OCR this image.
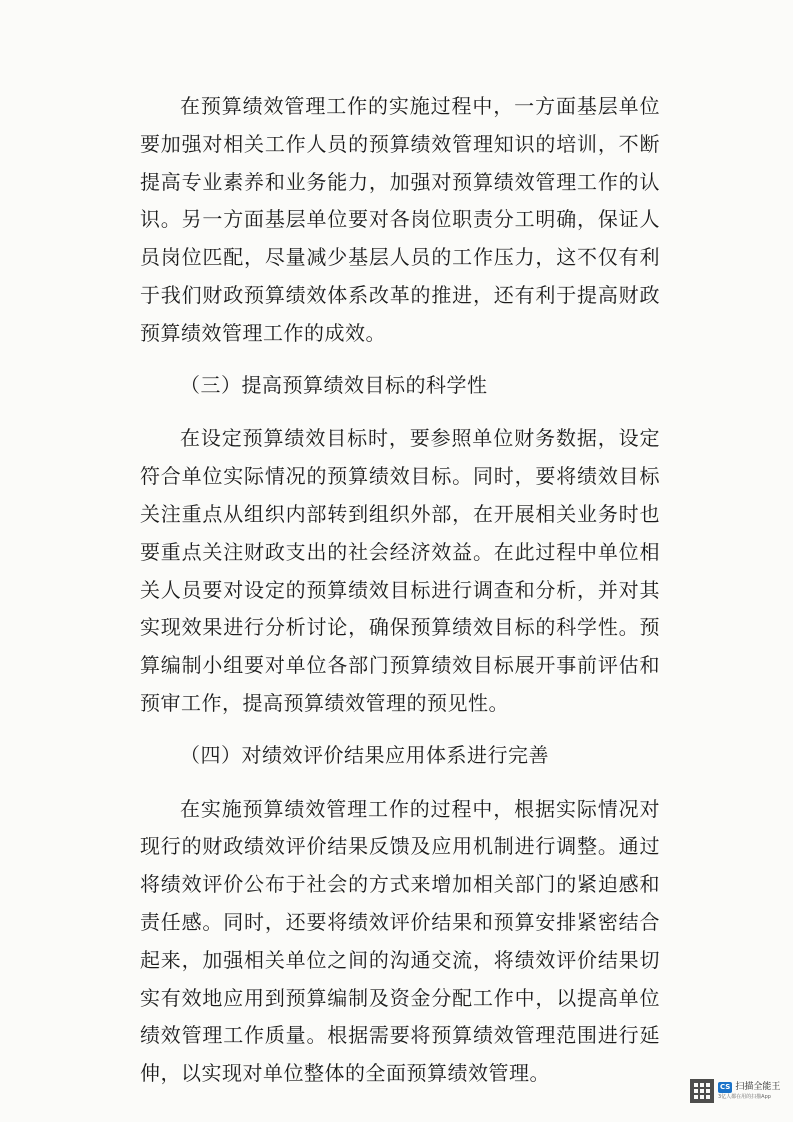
在预算绩效管理工作的实施过程中，一方面基层单位要加强对相关工作人员的预算绩效管理知识的培训，不断提高专业素养和业务能力，加强对预算绩效管理工作的认识。另一方面基层单位要对各岗位职责分工明确，保证人员岗位匹配，尽量减少基层人员的工作压力，这不仅有利于我们财政预算绩效体系改革的推进，还有利于提高财政预算绩效管理工作的成效。

（三）提高预算绩效目标的科学性

在设定预算绩效目标时，要参照单位财务数据，设定符合单位实际情况的预算绩效目标。同时，要将绩效目标关注重点从组织内部转到组织外部，在开展相关业务时也要重点关注财政支出的社会经济效益。在此过程中单位相关人员要对设定的预算绩效目标进行调查和分析，并对其实现效果进行分析讨论，确保预算绩效目标的科学性。预算编制小组要对单位各部门预算绩效目标展开事前评估和预审工作，提高预算绩效管理的预见性。

（四）对绩效评价结果应用体系进行完善

在实施预算绩效管理工作的过程中，根据实际情况对现行的财政绩效评价结果反馈及应用机制进行调整。通过将绩效评价公布于社会的方式来增加相关部门的紧迫感和责任感。同时，还要将绩效评价结果和预算安排紧密结合起来，加强相关单位之间的沟通交流，将绩效评价结果切实有效地应用到预算编制及资金分配工作中，以提高单位绩效管理工作质量。根据需要将预算绩效管理范围进行延伸，以实现对单位整体的全面预算绩效管理。

CS 扫描全能王
3亿人都在用的扫描App
